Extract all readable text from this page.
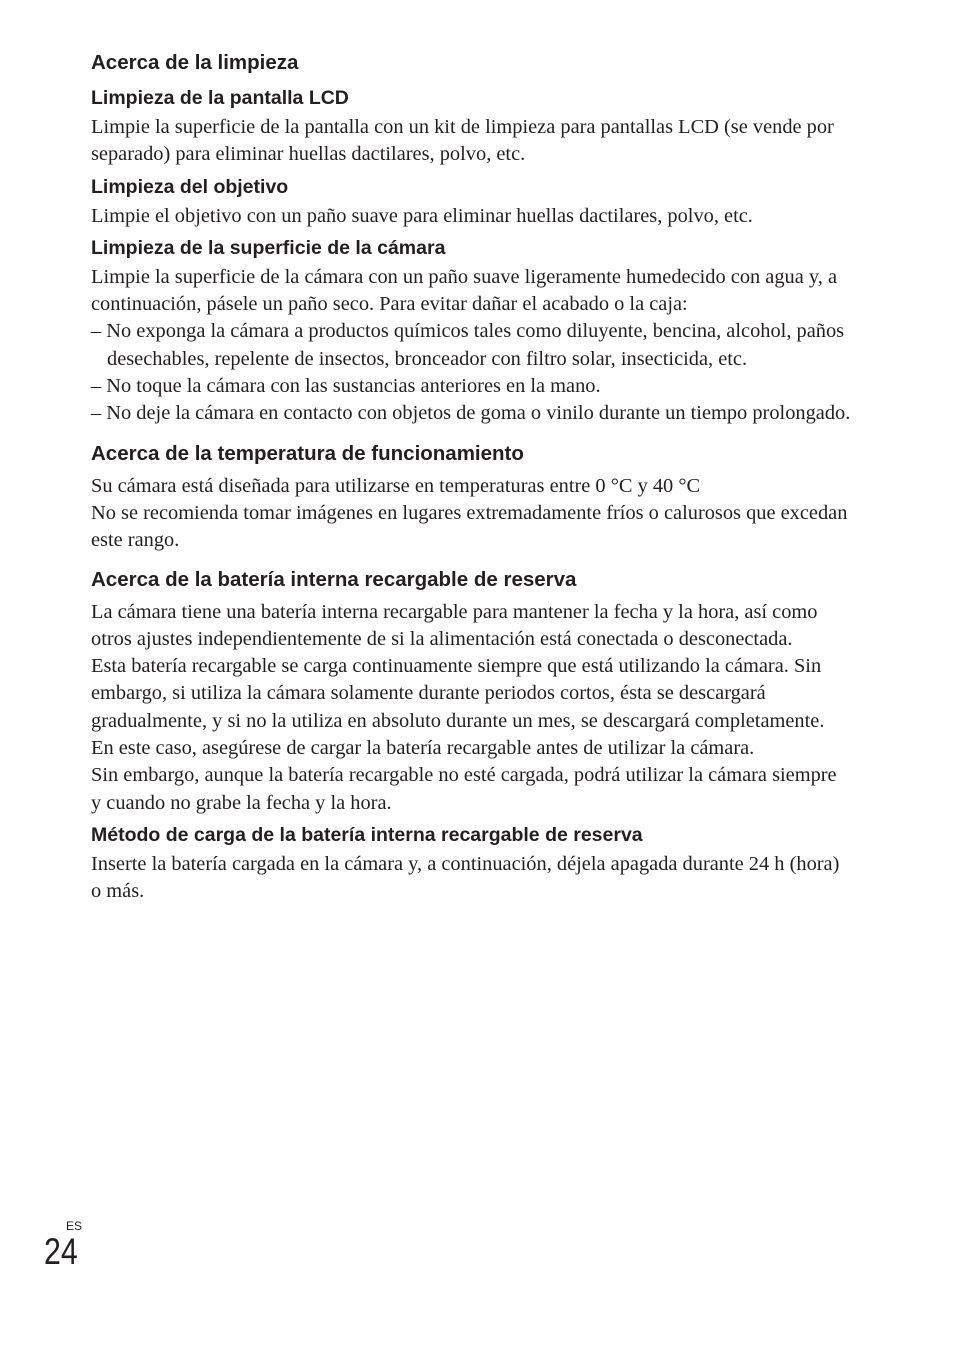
Acerca de la limpieza
Limpieza de la pantalla LCD

Limpie la superficie de la pantalla con un kit de limpieza para pantallas LCD (se vende por separado) para eliminar huellas dactilares, polvo, etc.

Limpieza del objetivo

Limpie el objetivo con un paño suave para eliminar huellas dactilares, polvo, etc.

Limpieza de la superficie de la cámara

Limpie la superficie de la cámara con un paño suave ligeramente humedecido con agua y, a continuación, pásele un paño seco. Para evitar dañar el acabado o la caja:

– No exponga la cámara a productos químicos tales como diluyente, bencina, alcohol, paños desechables, repelente de insectos, bronceador con filtro solar, insecticida, etc.

– No toque la cámara con las sustancias anteriores en la mano.

– No deje la cámara en contacto con objetos de goma o vinilo durante un tiempo prolongado.

Acerca de la temperatura de funcionamiento

Su cámara está diseñada para utilizarse en temperaturas entre 0 °C y 40 °C

No se recomienda tomar imágenes en lugares extremadamente fríos o calurosos que excedan este rango.

Acerca de la batería interna recargable de reserva

La cámara tiene una batería interna recargable para mantener la fecha y la hora, así como otros ajustes independientemente de si la alimentación está conectada o desconectada.

Esta batería recargable se carga continuamente siempre que está utilizando la cámara. Sin embargo, si utiliza la cámara solamente durante periodos cortos, ésta se descargará gradualmente, y si no la utiliza en absoluto durante un mes, se descargará completamente. En este caso, asegúrese de cargar la batería recargable antes de utilizar la cámara.

Sin embargo, aunque la batería recargable no esté cargada, podrá utilizar la cámara siempre y cuando no grabe la fecha y la hora.

Método de carga de la batería interna recargable de reserva

Inserte la batería cargada en la cámara y, a continuación, déjela apagada durante 24 h (hora) o más.

ES
24
